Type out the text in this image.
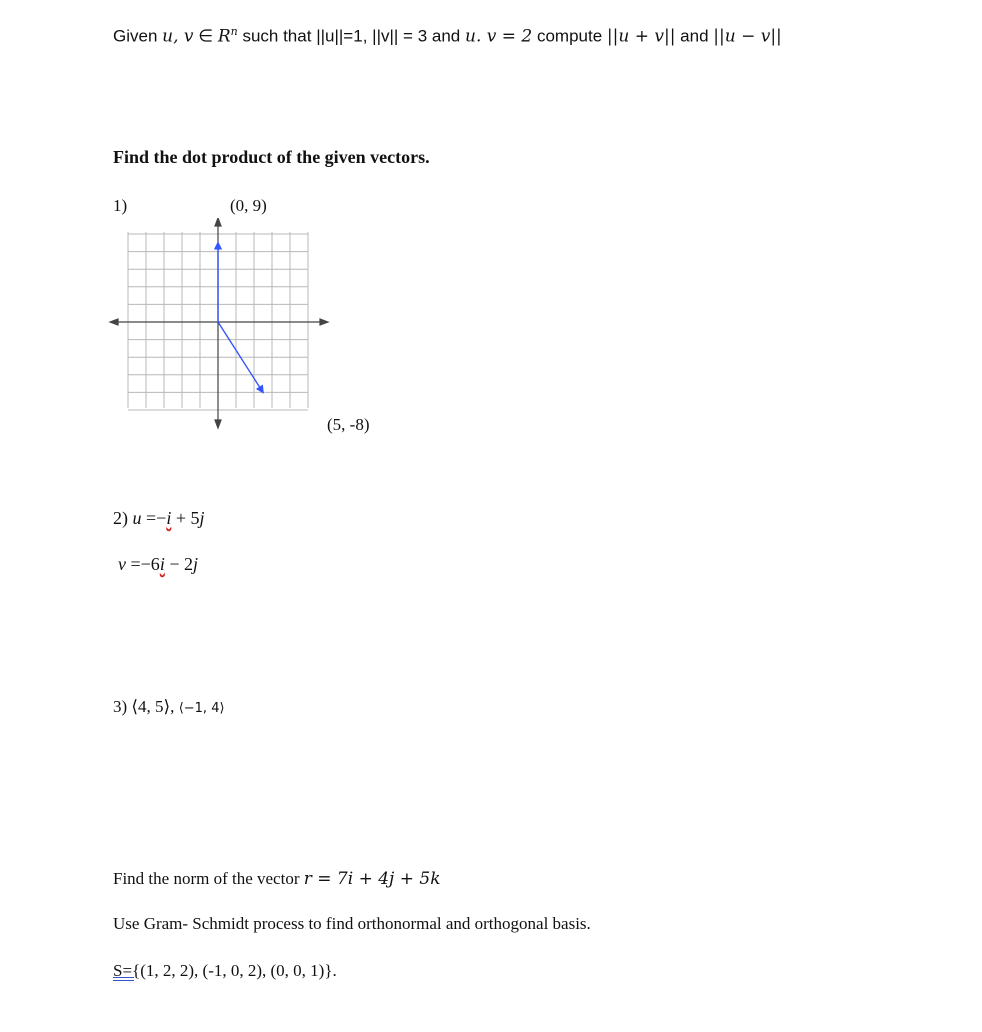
Given u, v ∈ $R^n$ such that ||u||=1, ||v|| = 3 and u. v = 2 compute ||u + v|| and ||u − v||
Find the dot product of the given vectors.
1)	(0, 9)
(5, -8)
2) u =−i + 5j
v =−6i − 2j
3) ⟨4, 5⟩, ⟨−1, 4⟩
Find the norm of the vector r = 7i + 4j + 5k
Use Gram- Schmidt process to find orthonormal and orthogonal basis.
S={(1, 2, 2), (-1, 0, 2), (0, 0, 1)}.
